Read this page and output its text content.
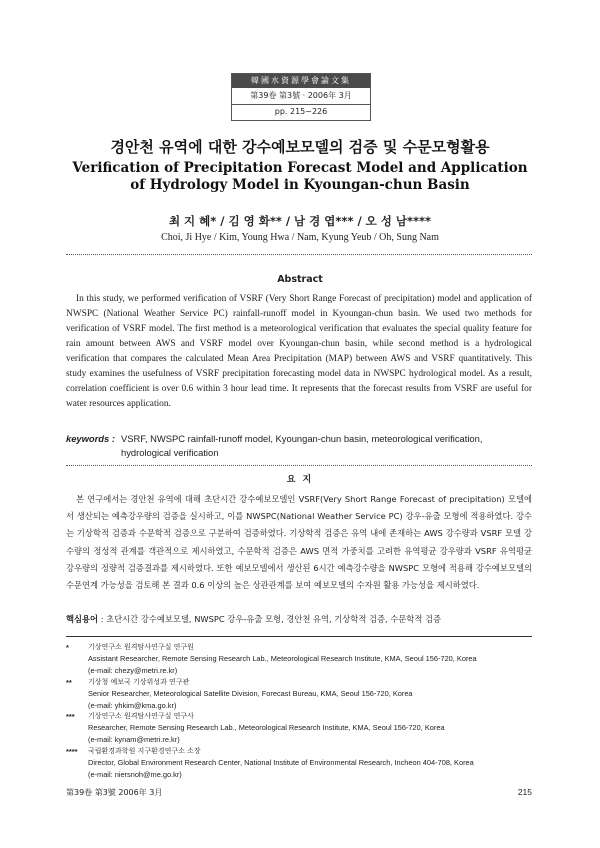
韓國水資源學會論文集
第39卷 第3號 · 2006年 3月
pp. 215~226
경안천 유역에 대한 강수예보모델의 검증 및 수문모형활용
Verification of Precipitation Forecast Model and Application
of Hydrology Model in Kyoungan-chun Basin
최 지 혜* / 김 영 화** / 남 경 엽*** / 오 성 남****
Choi, Ji Hye / Kim, Young Hwa / Nam, Kyung Yeub / Oh, Sung Nam
Abstract
In this study, we performed verification of VSRF (Very Short Range Forecast of precipitation) model and application of NWSPC (National Weather Service PC) rainfall-runoff model in Kyoungan-chun basin. We used two methods for verification of VSRF model. The first method is a meteorological verification that evaluates the special quality feature for rain amount between AWS and VSRF model over Kyoungan-chun basin, while second method is a hydrological verification that compares the calculated Mean Area Precipitation (MAP) between AWS and VSRF quantitatively. This study examines the usefulness of VSRF precipitation forecasting model data in NWSPC hydrological model. As a result, correlation coefficient is over 0.6 within 3 hour lead time. It represents that the forecast results from VSRF are useful for water resources application.
keywords : VSRF, NWSPC rainfall-runoff model, Kyoungan-chun basin, meteorological verification, hydrological verification
요 지
본 연구에서는 경안천 유역에 대해 초단시간 강수예보모델인 VSRF(Very Short Range Forecast of precipitation) 모델에서 생산되는 예측강우량의 검증을 실시하고, 이를 NWSPC(National Weather Service PC) 강우-유출 모형에 적용하였다. 강수는 기상학적 검증과 수문학적 검증으로 구분하여 검증하였다. 기상학적 검증은 유역 내에 존재하는 AWS 강수량과 VSRF 모델 강수량의 정성적 관계를 객관적으로 제시하였고, 수문학적 검증은 AWS 면적 가중치를 고려한 유역평균 강우량과 VSRF 유역평균 강우량의 정량적 검증결과를 제시하였다. 또한 예보모델에서 생산된 6시간 예측강수량을 NWSPC 모형에 적용해 강수예보모델의 수문연계 가능성을 검토해 본 결과 0.6 이상의 높은 상관관계를 보여 예보모델의 수자원 활용 가능성을 제시하였다.
핵심용어 : 초단시간 강수예보모델, NWSPC 강우-유출 모형, 경안천 유역, 기상학적 검증, 수문학적 검증
*	기상연구소 원격탐사연구실 연구원
Assistant Researcher, Remote Sensing Research Lab., Meteorological Research Institute, KMA, Seoul 156-720, Korea
(e-mail: chezy@metri.re.kr)
**	기상청 예보국 기상위성과 연구관
Senior Researcher, Meteorological Satellite Division, Forecast Bureau, KMA, Seoul 156-720, Korea
(e-mail: yhkim@kma.go.kr)
***	기상연구소 원격탐사연구실 연구사
Researcher, Remote Sensing Research Lab., Meteorological Research Institute, KMA, Seoul 156-720, Korea
(e-mail: kynam@metri.re.kr)
****	국립환경과학원 지구환경연구소 소장
Director, Global Environment Research Center, National Institute of Environmental Research, Incheon 404-708, Korea
(e-mail: niersnoh@me.go.kr)
第39卷 第3號 2006年 3月	215
